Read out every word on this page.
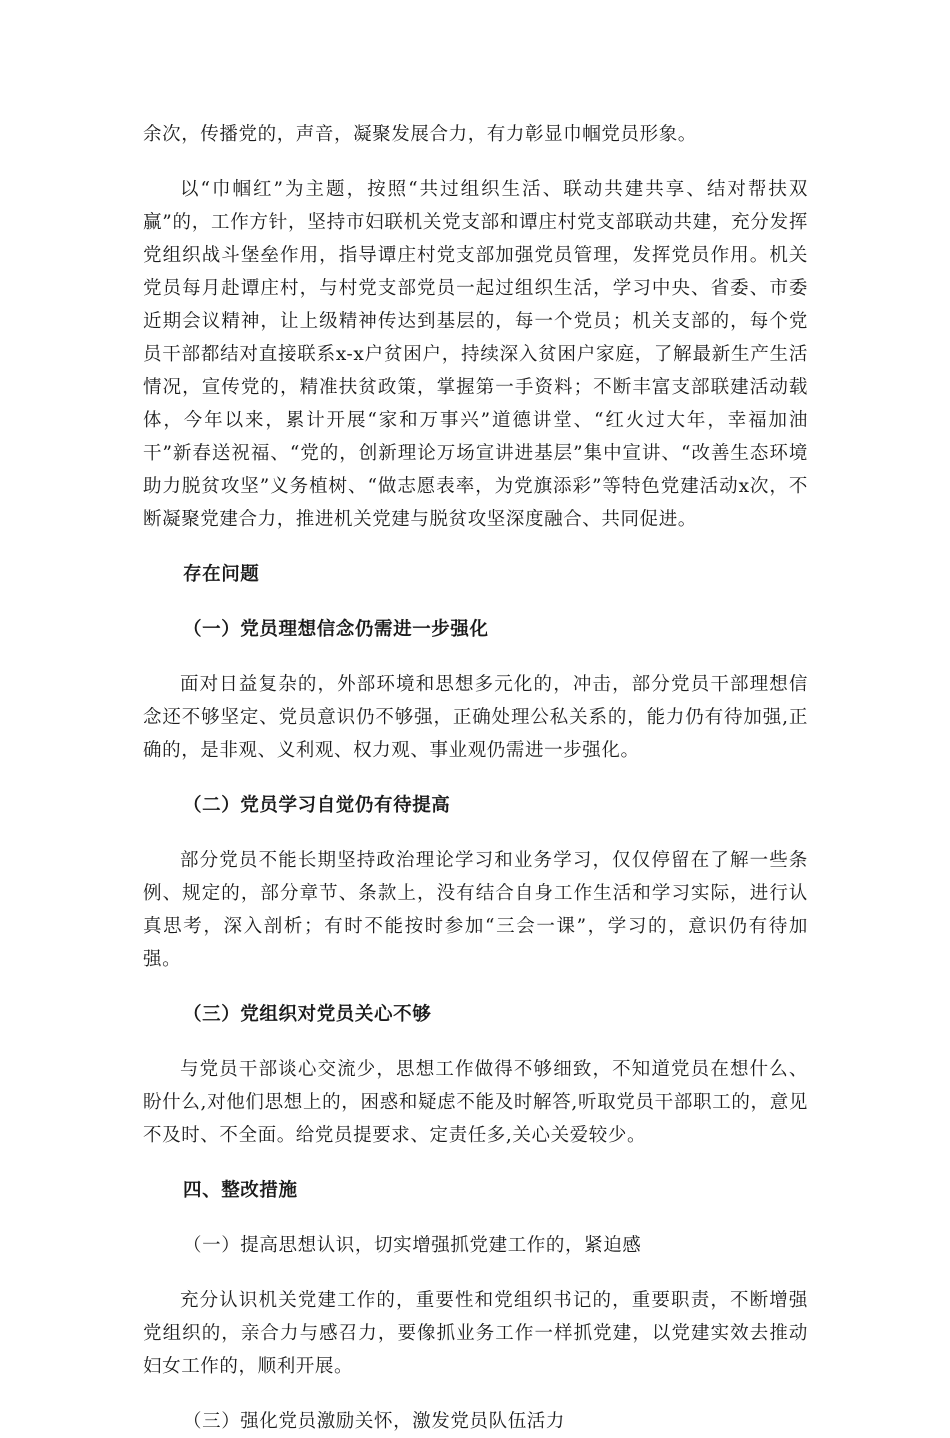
余次，传播党的，声音，凝聚发展合力，有力彰显巾帼党员形象。

以“巾帼红”为主题，按照“共过组织生活、联动共建共享、结对帮扶双赢”的，工作方针，坚持市妇联机关党支部和谭庄村党支部联动共建，充分发挥党组织战斗堡垒作用，指导谭庄村党支部加强党员管理，发挥党员作用。机关党员每月赴谭庄村，与村党支部党员一起过组织生活，学习中央、省委、市委近期会议精神，让上级精神传达到基层的，每一个党员；机关支部的，每个党员干部都结对直接联系x-x户贫困户，持续深入贫困户家庭，了解最新生产生活情况，宣传党的，精准扶贫政策，掌握第一手资料；不断丰富支部联建活动载体，今年以来，累计开展“家和万事兴”道德讲堂、“红火过大年，幸福加油干”新春送祝福、“党的，创新理论万场宣讲进基层”集中宣讲、“改善生态环境助力脱贫攻坚”义务植树、“做志愿表率，为党旗添彩”等特色党建活动x次，不断凝聚党建合力，推进机关党建与脱贫攻坚深度融合、共同促进。

存在问题

（一）党员理想信念仍需进一步强化

面对日益复杂的，外部环境和思想多元化的，冲击，部分党员干部理想信念还不够坚定、党员意识仍不够强，正确处理公私关系的，能力仍有待加强,正确的，是非观、义利观、权力观、事业观仍需进一步强化。

（二）党员学习自觉仍有待提高

部分党员不能长期坚持政治理论学习和业务学习，仅仅停留在了解一些条例、规定的，部分章节、条款上，没有结合自身工作生活和学习实际，进行认真思考，深入剖析；有时不能按时参加“三会一课”，学习的，意识仍有待加强。

（三）党组织对党员关心不够

与党员干部谈心交流少，思想工作做得不够细致，不知道党员在想什么、盼什么,对他们思想上的，困惑和疑虑不能及时解答,听取党员干部职工的，意见不及时、不全面。给党员提要求、定责任多,关心关爱较少。

四、整改措施

（一）提高思想认识，切实增强抓党建工作的，紧迫感

充分认识机关党建工作的，重要性和党组织书记的，重要职责，不断增强党组织的，亲合力与感召力，要像抓业务工作一样抓党建，以党建实效去推动妇女工作的，顺利开展。

（三）强化党员激励关怀，激发党员队伍活力
